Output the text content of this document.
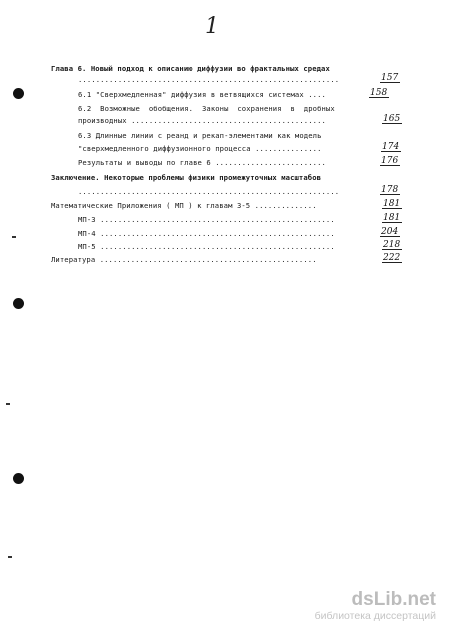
1
Глава 6. Новый подход к описанию диффузии во фрактальных средах
...........................................................	157
6.1 "Сверхмедленная" диффузия в ветвящихся системах ....	158
6.2  Возможные  обобщения.  Законы  сохранения  в  дробных
производных ............................................	165
6.3 Длинные линии с реанд и рекап-элементами как модель
"сверхмедленного диффузионного процесса ...............	174
Результаты и выводы по главе 6 .........................	176
Заключение. Некоторые проблемы физики промежуточных масштабов
...........................................................	178
Математические Приложения ( МП ) к главам 3-5 ..............	181
МП-3 .....................................................	181
МП-4 .....................................................	204
МП-5 .....................................................	218
Литература .................................................	222
dsLib.net
библиотека диссертаций
